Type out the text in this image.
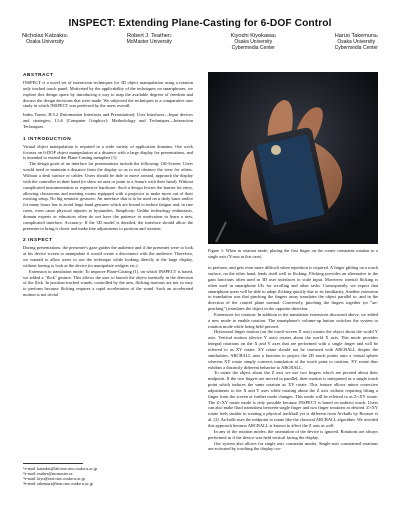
INSPECT: Extending Plane-Casting for 6-DOF Control
Nicholas Katzakis$^1$
Osaka University
Robert J. Teather$^2$
McMaster University
Kiyoshi Kiyokawa$^3$
Osaka University
Cybermedia Center
Haruo Takemura$^4$
Osaka University
Cybermedia Center
ABSTRACT

INSPECT is a novel set of interaction techniques for 3D object manipulation using a rotation only tracked touch panel. Motivated by the applicability of the techniques on smartphones, we explore this design space by introducing a way to map the available degrees of freedom and discuss the design decisions that were made. We subjected the techniques to a comparative user study in which INSPECT was preferred by the users overall.

Index Terms: H.5.2 [Information Interfaces and Presentation]: User Interfaces—Input devices and strategies; I.3.6 [Computer Graphics]: Methodology and Techniques—Interaction Techniques.

1 INTRODUCTION

Virtual object manipulation is required in a wide variety of application domains. Our work focuses on 6-DOF object manipulation at a distance with a large display for presentations, and is intended to extend the Plane-Casting metaphor [1].

The design goals of an interface for presentations include the following: Off-Screen: Users would need to maintain a distance from the display so as to not obstruct the view for others. Without a desk surface or cables: Users should be able to move around, approach the display with the controller in their hand (to show an area or point to a feature with their hand). Without complicated instrumentation or expensive hardware: Such a design lowers the barrier for entry, allowing classrooms and meeting rooms equipped with a projector to make more out of their existing setup. No big semiotic gestures: An interface that is to be used on a daily basis and/or for many hours has to avoid large hand gestures which are bound to induce fatigue and, in rare cases, even cause physical injuries to bystanders. Simplicity: Unlike technology enthusiasts, domain experts or educators often do not have the patience or motivation to learn a new, complicated interface. Accuracy: If the 3D model is detailed, the interface should allow the presenter to bring it closer and make fine adjustments to position and rotation.

2 INSPECT

During presentations, the presenter's gaze guides the audience and if the presenter were to look at his device screen to manipulate it would create a disconnect with the audience. Therefore, we wanted to allow users to use the technique while looking directly at the large display, without having to look at the device (to manipulate widgets etc.).

Extension to translation mode: To improve Plane-Casting [1], on which INSPECT is based, we added a "flick" gesture. This allows the user to launch the object inertially in the direction of the flick. In position-tracked wands, controlled by the arm, flicking motions are not so easy to perform because flicking requires a rapid acceleration of the wand. Such an accelerated motion is not trivial

$^1$e-mail: katzakis@lab.ime.cmc.osaka-u.ac.jp
$^2$e-mail: teather@mcmaster.ca
$^3$e-mail: kiyo@ime.cmc.osaka-u.ac.jp
$^4$e-mail: takemura@ime.cmc.osaka-u.ac.jp
Figure 1: When in rotation mode, placing the first finger on the corner constrains rotation to a single axis (Y-axis in this case).

to perform, and gets even more difficult when repetition is required. A finger gliding on a touch surface, on the other hand, lends itself well to flicking. Flicking provides an alternative to the gain functions often used in 3D user interfaces to scale input. Moreover, inertial flicking is often used in smartphone UIs for scrolling and other tasks. Consequently, we expect that smartphone users will be able to adopt flicking quickly due to its familiarity. Another extension to translation was that pinching the fingers away translates the object parallel to, and in the direction of the control plane normal. Conversely, pinching the fingers together (or "un-pinching") translates the object in the opposite direction.

Extensions for rotation: In addition to the translation extensions discussed above, we added a new mode to enable rotation. The smartphone's volume-up button switches the system to rotation mode while being held pressed.

Horizontal finger motion (on the touch-screen X axis) rotates the object about the world Y axis. Vertical motion (device Y axis) rotates about the world X axis. This mode provides integral rotations on the X and Y axes that are performed with a single finger and will be referred to as XY rotate. XY rotate should not be confused with ARCBALL despite the similarities. ARCBALL uses a function to project the 2D touch points onto a virtual sphere whereas XY rotate simply converts translation of the touch point to rotation. XY rotate thus exhibits a distinctly different behavior to ARCBALL.

To rotate the object about the Z axis we use two fingers which are pivoted about their midpoint. If the two fingers are moved in parallel, their motion is interpreted as a single touch point which induces the same rotation as XY rotate. This feature allows minor corrective adjustments to the X and Y axes while rotating about the Z axis without requiring lifting a finger from the screen or further mode changes. This mode will be referred to as Z+XY rotate. The Z+XY rotate mode is only possible because INSPECT is based on indirect touch. Users can also make fluid transitions between single finger and two finger rotations as desired. Z+XY rotate feels similar to rotating a physical trackball yet is different from Arcballs by Rousset et al. [3]. Arcballs uses the midpoint to rotate like the classical ARCBALL algorithm. We avoided this approach because ARCBALL is known to affect the Z axis as well.

In any of the rotation modes, the orientation of the device is ignored. Rotations are always performed as if the device was held vertical facing the display.

Our system also allows for single axis constraint modes. Single-axis constrained rotations are activated by touching the display cor-
